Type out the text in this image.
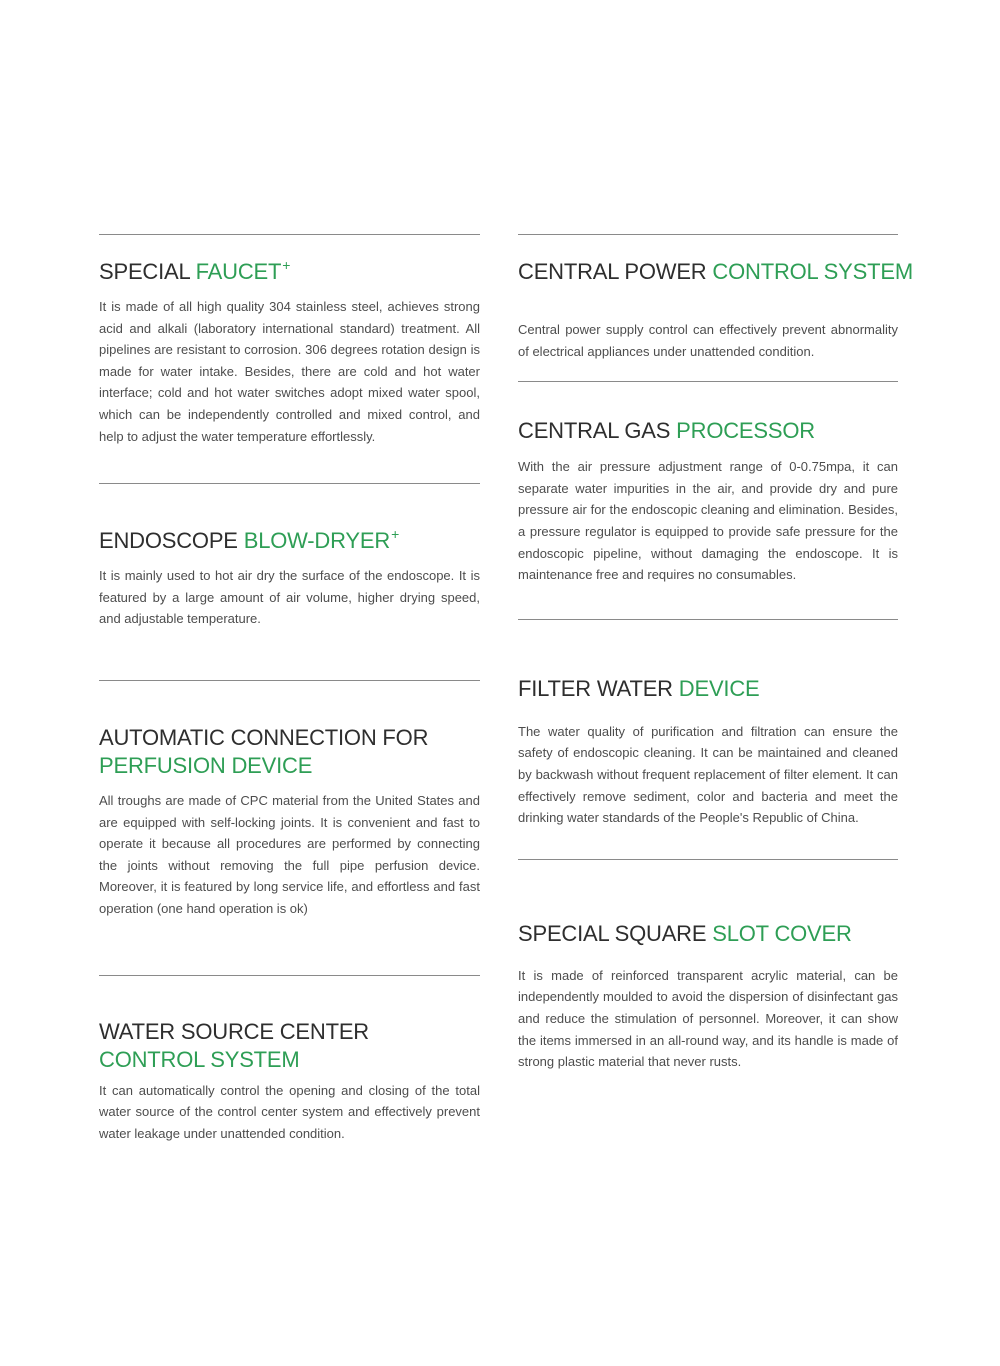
SPECIAL FAUCET+

It is made of all high quality 304 stainless steel, achieves strong acid and alkali (laboratory international standard) treatment. All pipelines are resistant to corrosion. 306 degrees rotation design is made for water intake. Besides, there are cold and hot water interface; cold and hot water switches adopt mixed water spool, which can be independently controlled and mixed control, and help to adjust the water temperature effortlessly.

ENDOSCOPE BLOW-DRYER+

It is mainly used to hot air dry the surface of the endoscope. It is featured by a large amount of air volume, higher drying speed, and adjustable temperature.

AUTOMATIC CONNECTION FOR
PERFUSION DEVICE

All troughs are made of CPC material from the United States and are equipped with self-locking joints. It is convenient and fast to operate it because all procedures are performed by connecting the joints without removing the full pipe perfusion device. Moreover, it is featured by long service life, and effortless and fast operation (one hand operation is ok)

WATER SOURCE CENTER
CONTROL SYSTEM

It can automatically control the opening and closing of the total water source of the control center system and effectively prevent water leakage under unattended condition.

CENTRAL POWER CONTROL SYSTEM

Central power supply control can effectively prevent abnormality of electrical appliances under unattended condition.

CENTRAL GAS PROCESSOR

With the air pressure adjustment range of 0-0.75mpa, it can separate water impurities in the air, and provide dry and pure pressure air for the endoscopic cleaning and elimination. Besides, a pressure regulator is equipped to provide safe pressure for the endoscopic pipeline, without damaging the endoscope. It is maintenance free and requires no consumables.

FILTER WATER DEVICE

The water quality of purification and filtration can ensure the safety of endoscopic cleaning. It can be maintained and cleaned by backwash without frequent replacement of filter element. It can effectively remove sediment, color and bacteria and meet the drinking water standards of the People's Republic of China.

SPECIAL SQUARE SLOT COVER

It is made of reinforced transparent acrylic material, can be independently moulded to avoid the dispersion of disinfectant gas and reduce the stimulation of personnel. Moreover, it can show the items immersed in an all-round way, and its handle is made of strong plastic material that never rusts.
